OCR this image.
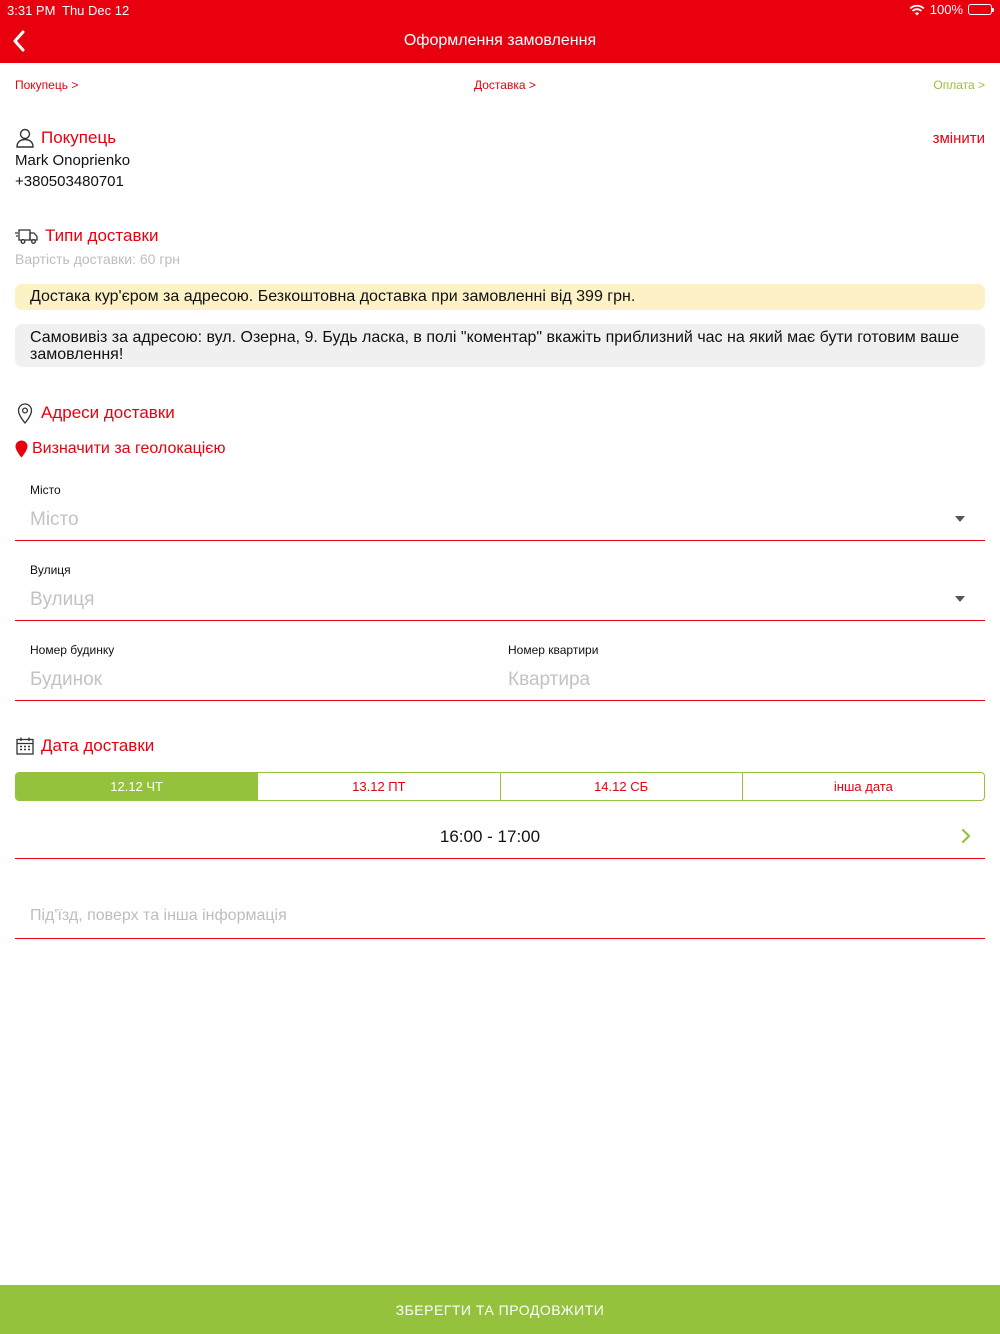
3:31 PM Thu Dec 12	100%
Оформлення замовлення
Покупець >	Доставка >	Оплата >
Покупець	змінити
Mark Onoprienko
+380503480701
Типи доставки
Вартість доставки: 60 грн
Достака кур'єром за адресою. Безкоштовна доставка при замовленні від 399 грн.
Самовивіз за адресою: вул. Озерна, 9. Будь ласка, в полі "коментар" вкажіть приблизний час на який має бути готовим ваше замовлення!
Адреси доставки
Визначити за геолокацією
Місто
Місто
Вулиця
Вулиця
Номер будинку
Будинок
Номер квартири
Квартира
Дата доставки
12.12 ЧТ	13.12 ПТ	14.12 СБ	інша дата
16:00 - 17:00
Під'їзд, поверх та інша інформація
ЗБЕРЕГТИ ТА ПРОДОВЖИТИ
